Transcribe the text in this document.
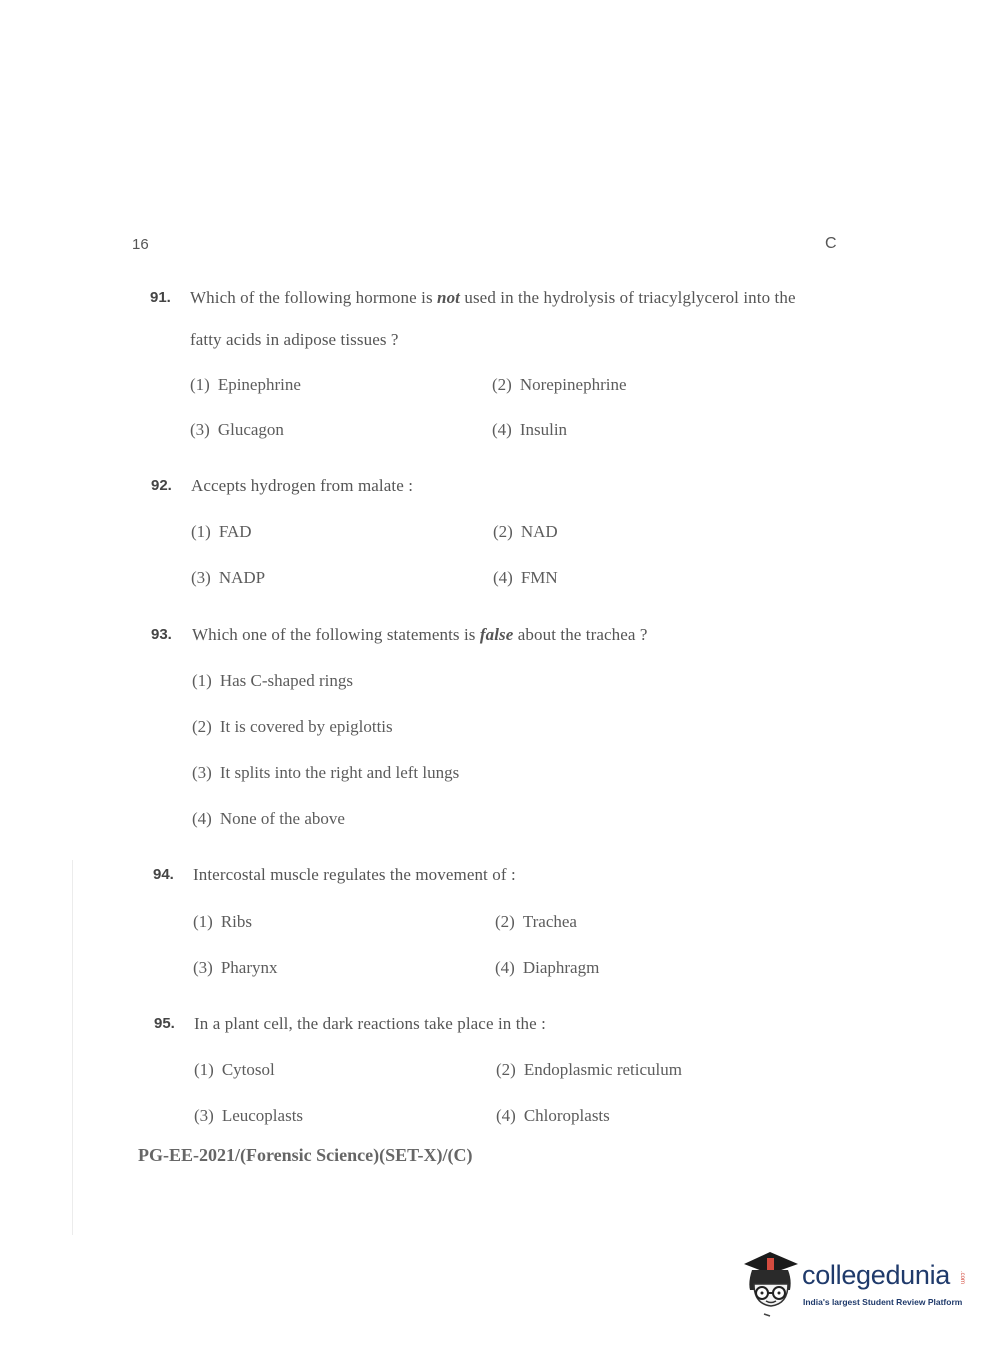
16	C
91. Which of the following hormone is not used in the hydrolysis of triacylglycerol into the
fatty acids in adipose tissues ?
(1) Epinephrine	(2) Norepinephrine
(3) Glucagon	(4) Insulin
92. Accepts hydrogen from malate :
(1) FAD	(2) NAD
(3) NADP	(4) FMN
93. Which one of the following statements is false about the trachea ?
(1) Has C-shaped rings
(2) It is covered by epiglottis
(3) It splits into the right and left lungs
(4) None of the above
94. Intercostal muscle regulates the movement of :
(1) Ribs	(2) Trachea
(3) Pharynx	(4) Diaphragm
95. In a plant cell, the dark reactions take place in the :
(1) Cytosol	(2) Endoplasmic reticulum
(3) Leucoplasts	(4) Chloroplasts
PG-EE-2021/(Forensic Science)(SET-X)/(C)
collegedunia .com
India's largest Student Review Platform
